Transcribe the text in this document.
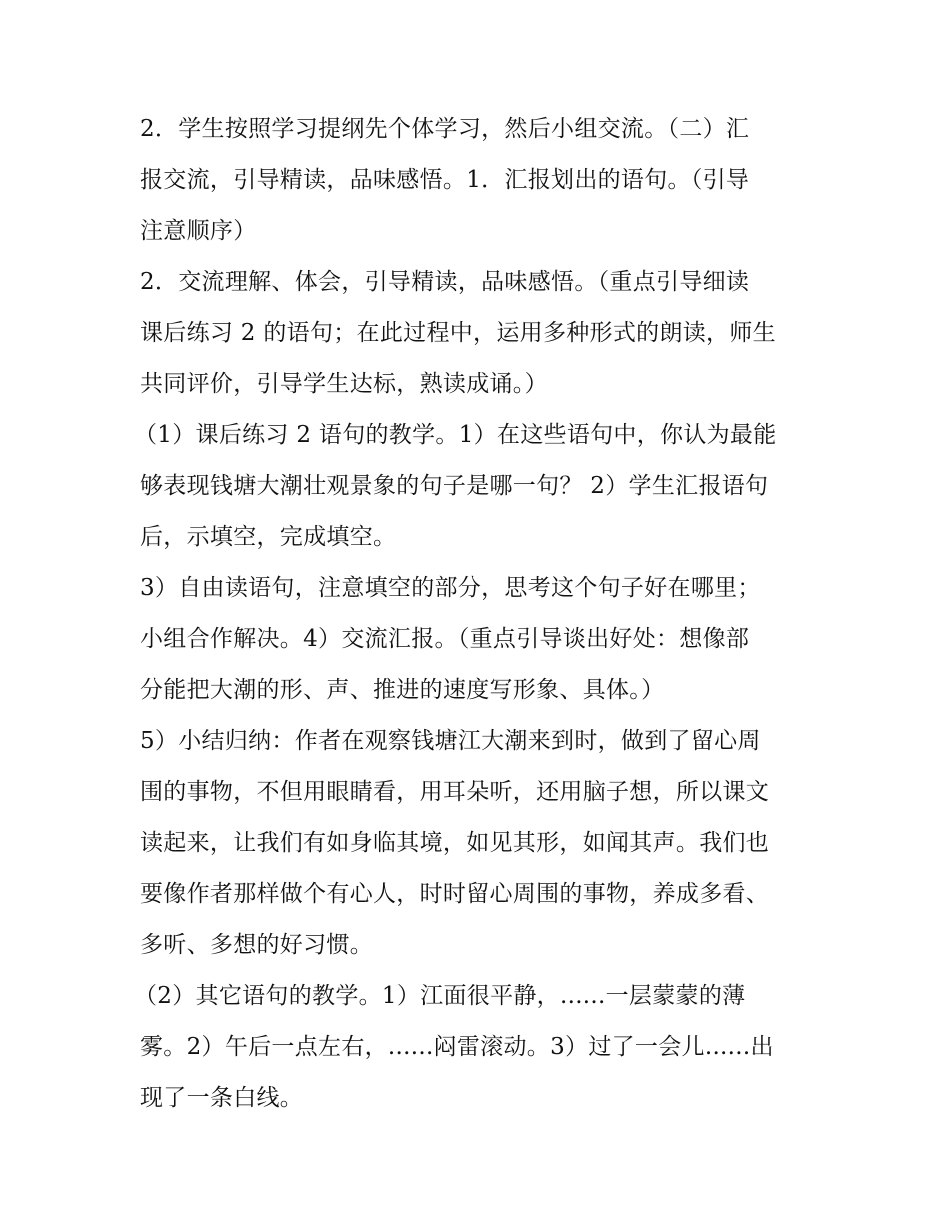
2．学生按照学习提纲先个体学习，然后小组交流。（二）汇
报交流，引导精读，品味感悟。1．汇报划出的语句。（引导
注意顺序）
2．交流理解、体会，引导精读，品味感悟。（重点引导细读
课后练习 2 的语句；在此过程中，运用多种形式的朗读，师生
共同评价，引导学生达标，熟读成诵。）
（1）课后练习 2 语句的教学。1）在这些语句中，你认为最能
够表现钱塘大潮壮观景象的句子是哪一句？ 2）学生汇报语句
后，示填空，完成填空。
3）自由读语句，注意填空的部分，思考这个句子好在哪里；
小组合作解决。4）交流汇报。（重点引导谈出好处：想像部
分能把大潮的形、声、推进的速度写形象、具体。）
5）小结归纳：作者在观察钱塘江大潮来到时，做到了留心周
围的事物，不但用眼睛看，用耳朵听，还用脑子想，所以课文
读起来，让我们有如身临其境，如见其形，如闻其声。我们也
要像作者那样做个有心人，时时留心周围的事物，养成多看、
多听、多想的好习惯。
（2）其它语句的教学。1）江面很平静，......一层蒙蒙的薄
雾。2）午后一点左右，......闷雷滚动。3）过了一会儿......出
现了一条白线。
